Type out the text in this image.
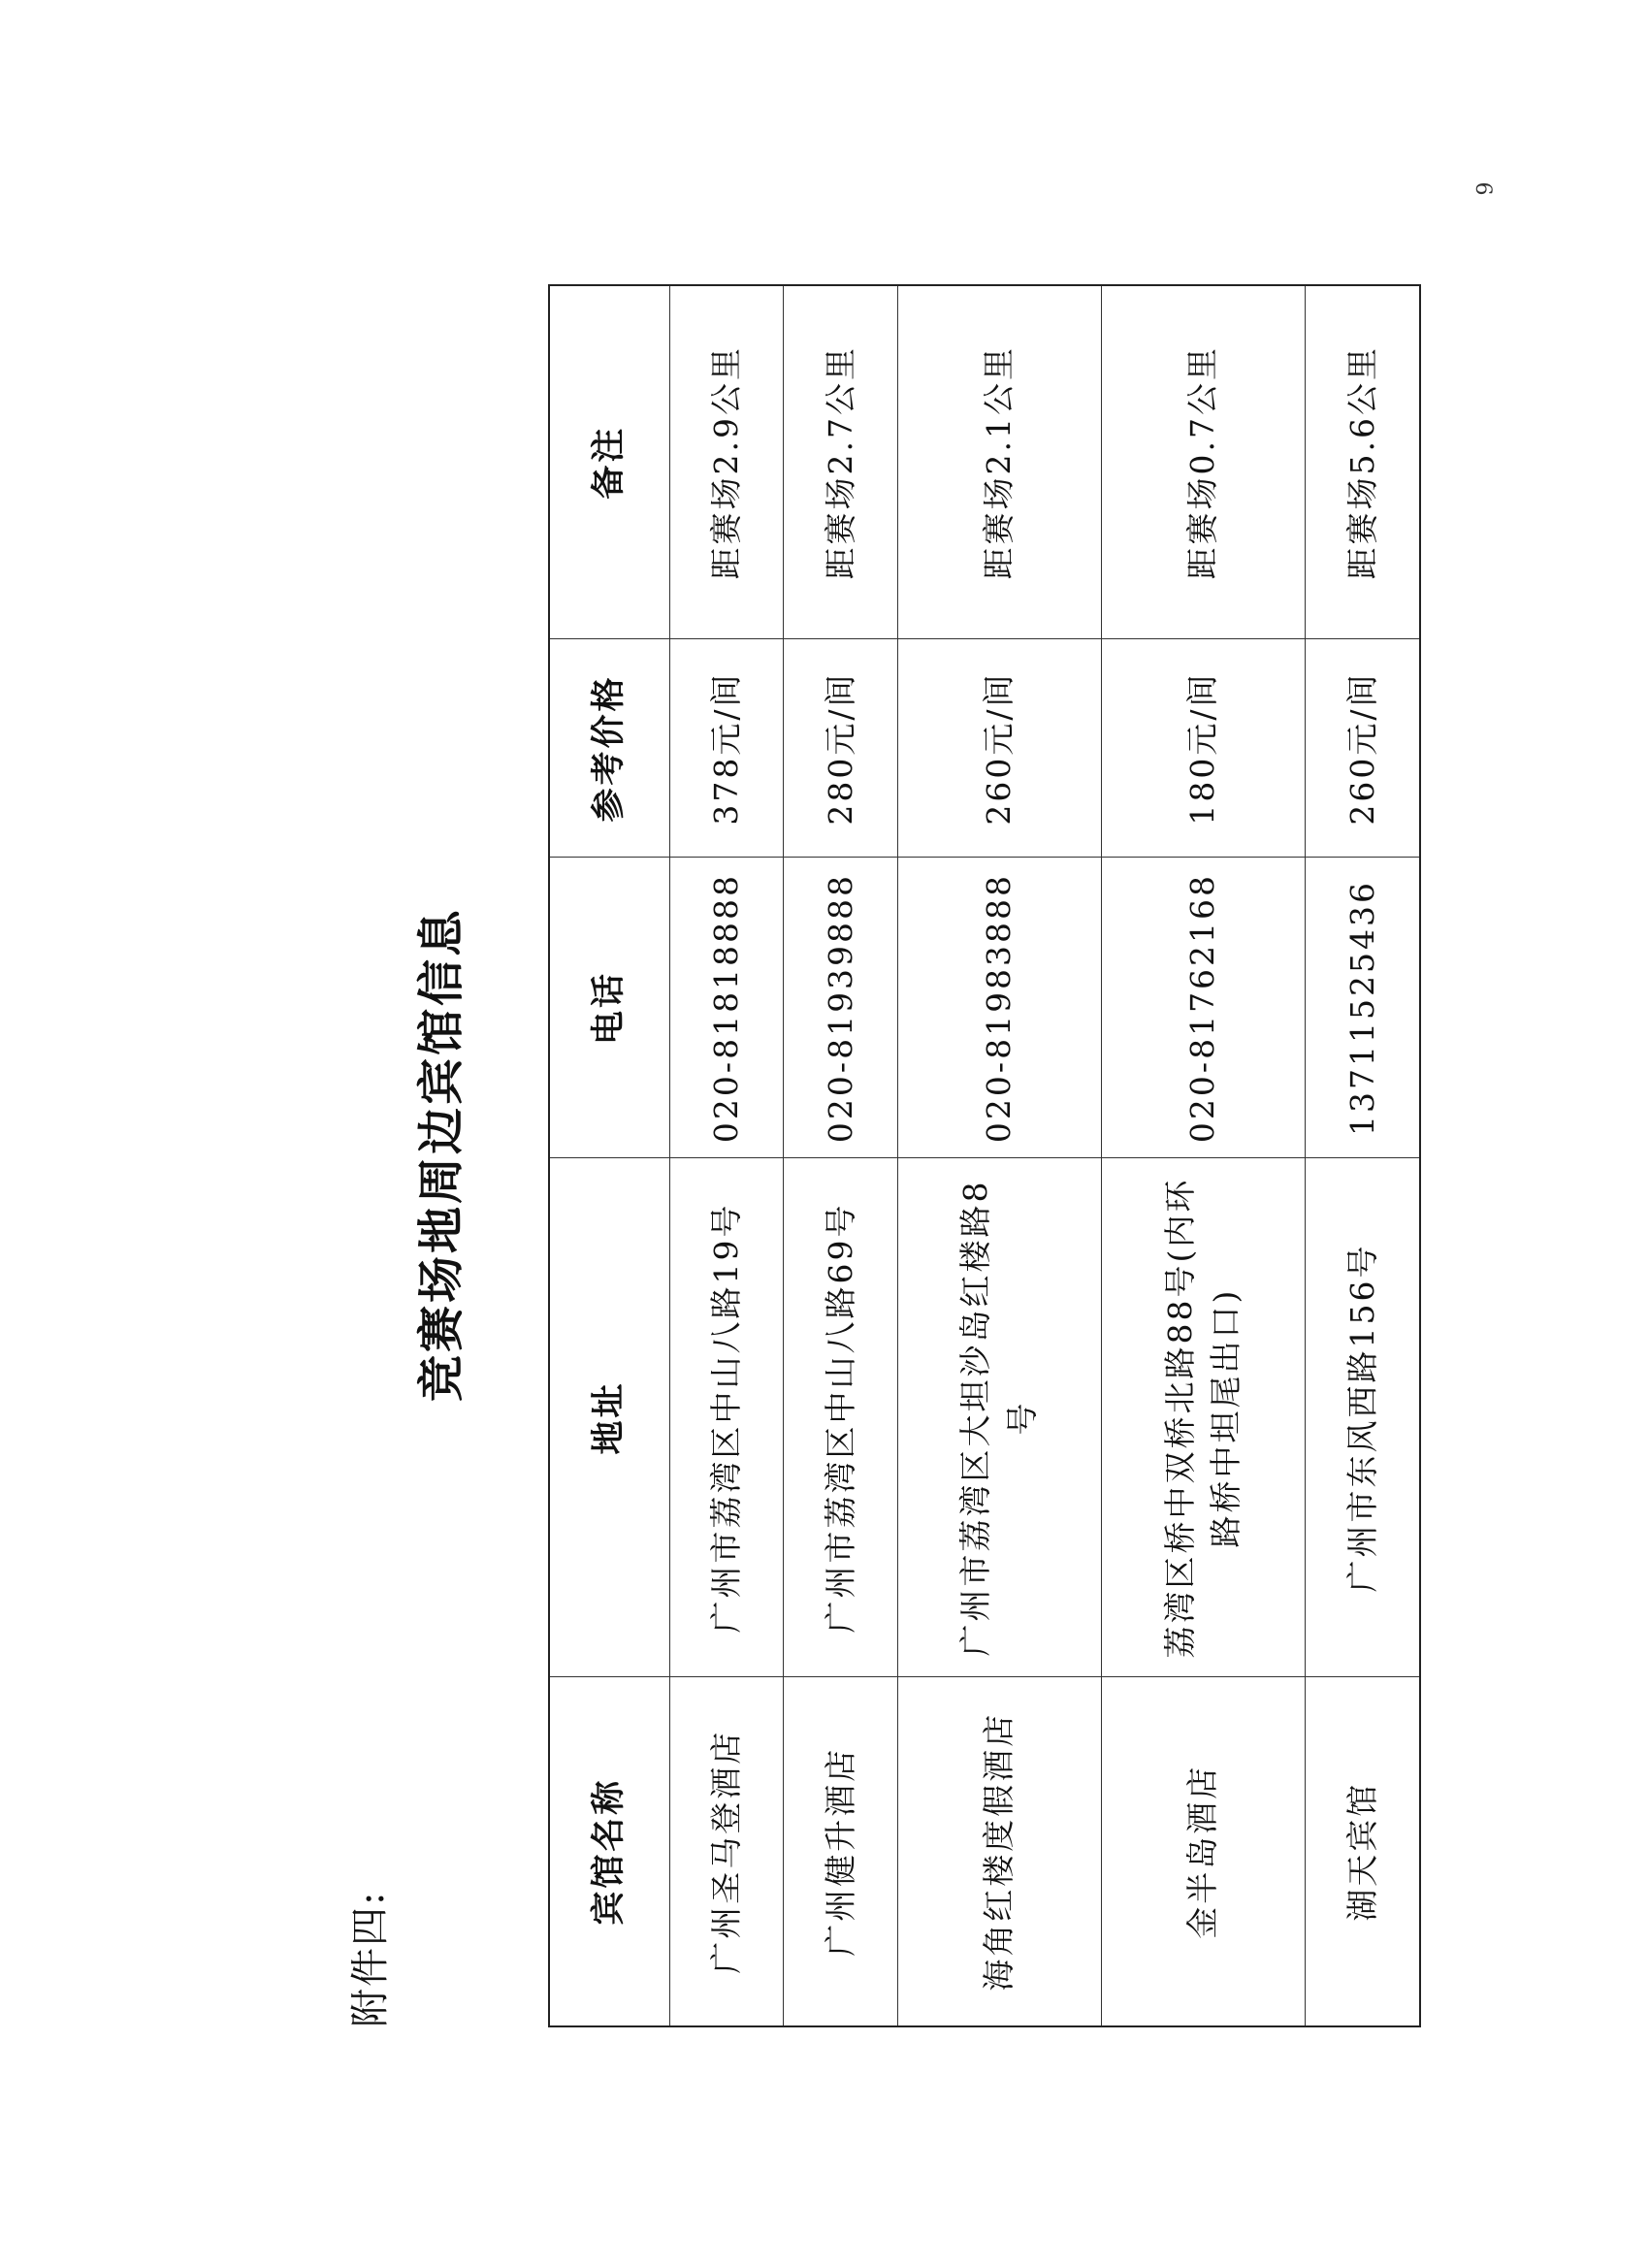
9
附件四:
竞赛场地周边宾馆信息
宾馆名称	地址	电话	参考价格	备注
广州圣马登酒店	广州市荔湾区中山八路19号	020-81818888	378元/间	距赛场2.9公里
广州健升酒店	广州市荔湾区中山八路69号	020-81939888	280元/间	距赛场2.7公里
海角红楼度假酒店	广州市荔湾区大坦沙岛红楼路8号	020-81983888	260元/间	距赛场2.1公里
金半岛酒店	荔湾区桥中双桥北路88号(内环路桥中坦尾出口)	020-81762168	180元/间	距赛场0.7公里
湖天宾馆	广州市东风西路156号	13711525436	260元/间	距赛场5.6公里
